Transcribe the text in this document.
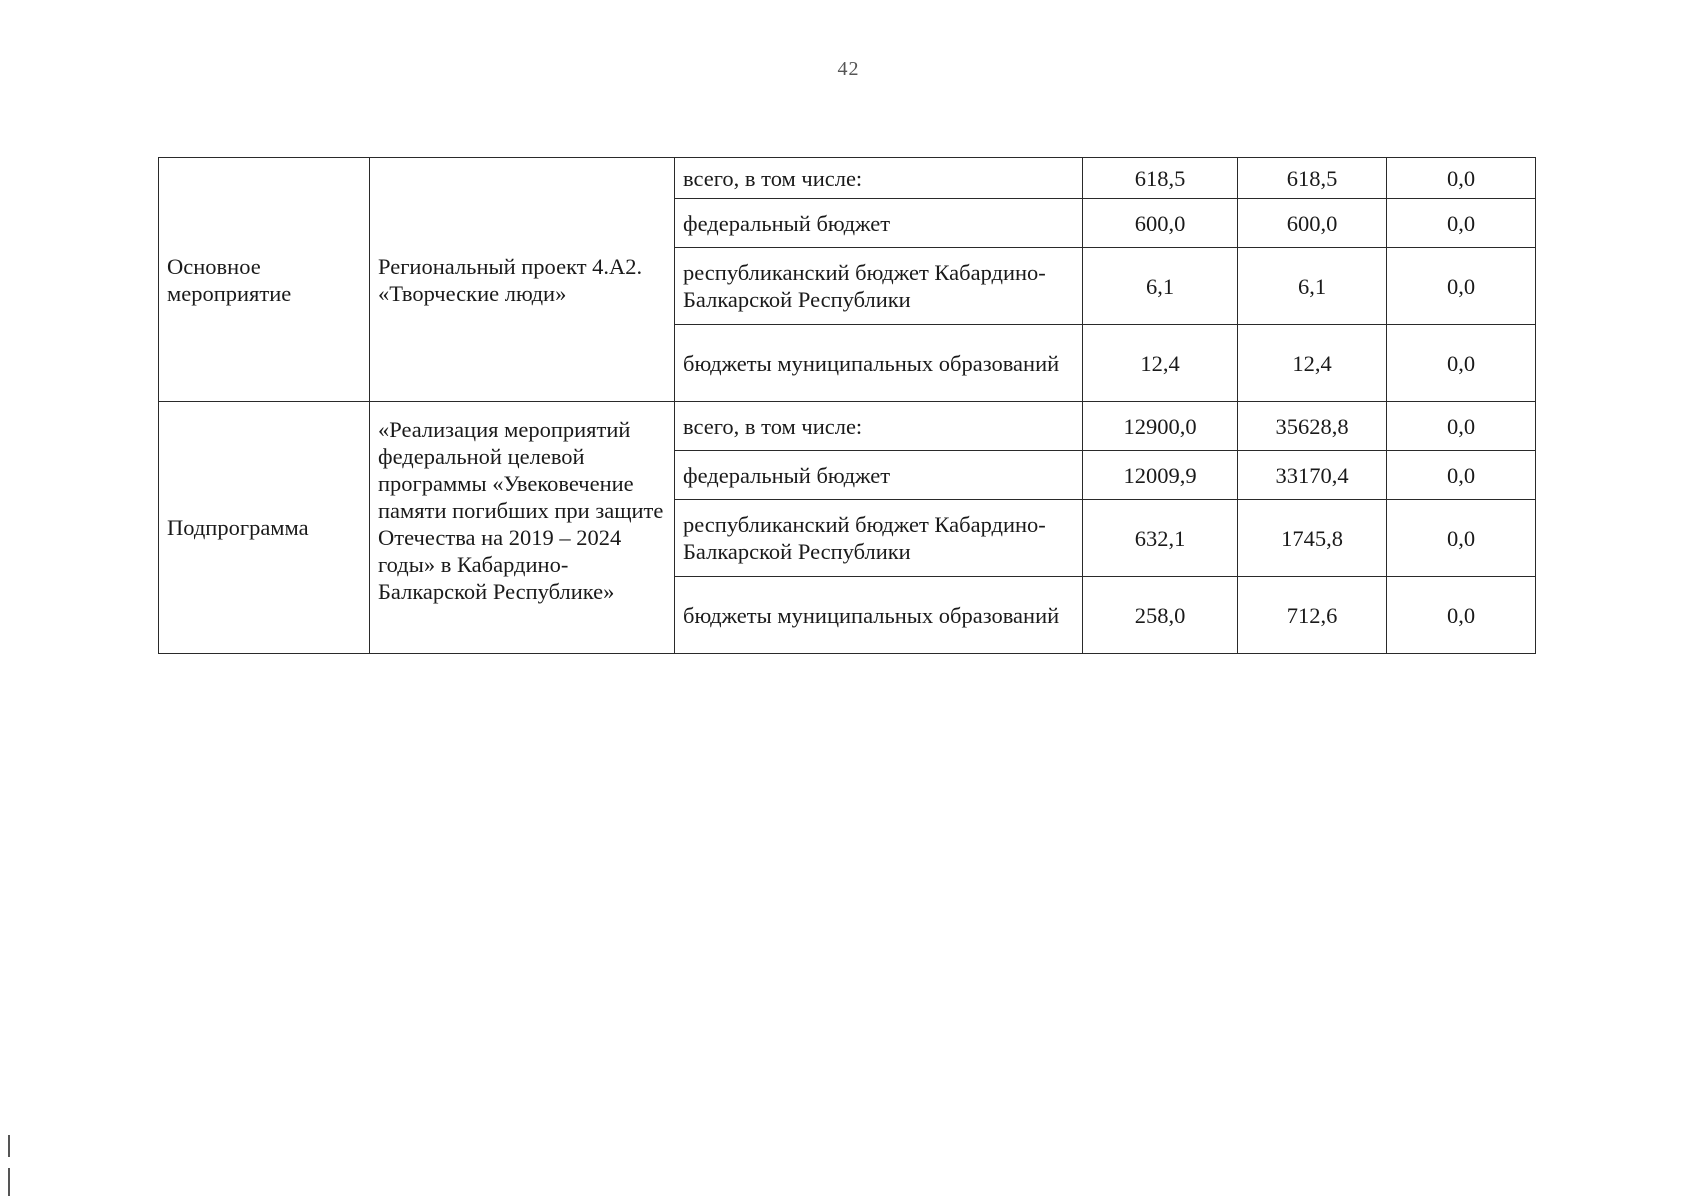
42
Основное мероприятие	Региональный проект 4.А2. «Творческие люди»	всего, в том числе:	618,5	618,5	0,0
		федеральный бюджет	600,0	600,0	0,0
		республиканский бюджет Кабардино-Балкарской Республики	6,1	6,1	0,0
		бюджеты муниципальных образований	12,4	12,4	0,0
Подпрограмма	«Реализация мероприятий федеральной целевой программы «Увековечение памяти погибших при защите Отечества на 2019 – 2024 годы» в Кабардино-Балкарской Республике»	всего, в том числе:	12900,0	35628,8	0,0
		федеральный бюджет	12009,9	33170,4	0,0
		республиканский бюджет Кабардино-Балкарской Республики	632,1	1745,8	0,0
		бюджеты муниципальных образований	258,0	712,6	0,0
